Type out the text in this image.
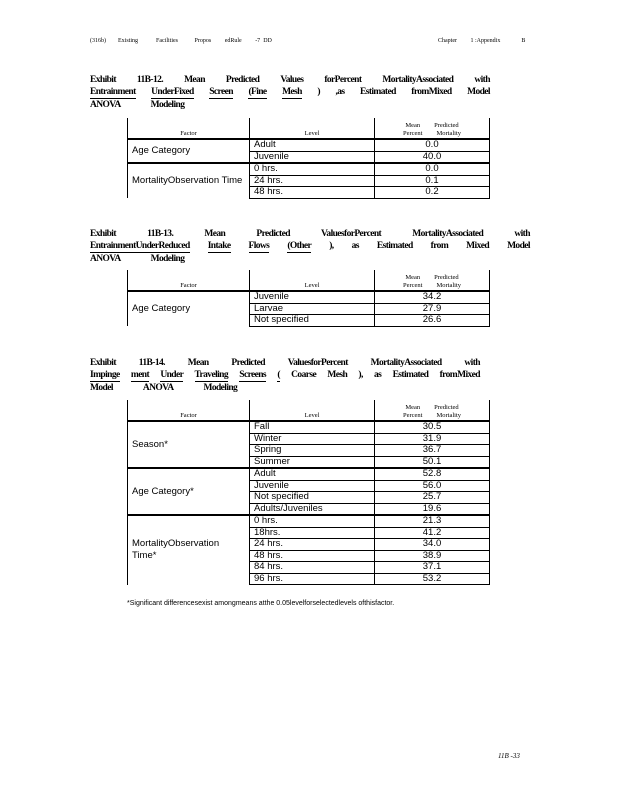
(316b) Existing	Facilities	Propos edRule -7 DD	Chapter 1 :Appendix	B
Exhibit 11B-12. Mean Predicted Values forPercent MortalityAssociated with
Entrainment UnderFixed Screen (Fine Mesh ) ,as Estimated fromMixed Model
ANOVA	Modeling
Exhibit	11B-13.	Mean	Predicted	ValuesforPercent	MortalityAssociated	with
EntrainmentUnderReduced Intake Flows (Other ), as Estimated from Mixed Model
ANOVA	Modeling
Exhibit 11B-14. Mean Predicted ValuesforPercent MortalityAssociated with
Impinge ment Under Traveling Screens ( Coarse Mesh ), as Estimated fromMixed
Model	ANOVA	Modeling
Factor	Level	Mean Predicted
		Percent Mortality
Age Category	Adult	0.0
	Juvenile	40.0
MortalityObservation Time	0 hrs.	0.0
	24 hrs.	0.1
	48 hrs.	0.2
Factor	Level	Mean Predicted
		Percent Mortality
Age Category	Juvenile	34.2
	Larvae	27.9
	Not specified	26.6
Factor	Level	Mean Predicted
		Percent Mortality
Season*	Fall	30.5
	Winter	31.9
	Spring	36.7
	Summer	50.1
Age Category*	Adult	52.8
	Juvenile	56.0
	Not specified	25.7
	Adults/Juveniles	19.6
MortalityObservation Time*	0 hrs.	21.3
	18hrs.	41.2
	24 hrs.	34.0
	48 hrs.	38.9
	84 hrs.	37.1
	96 hrs.	53.2
*Significant differencesexist amongmeans atthe 0.05levelforselectedlevels ofthisfactor.
11B -33
